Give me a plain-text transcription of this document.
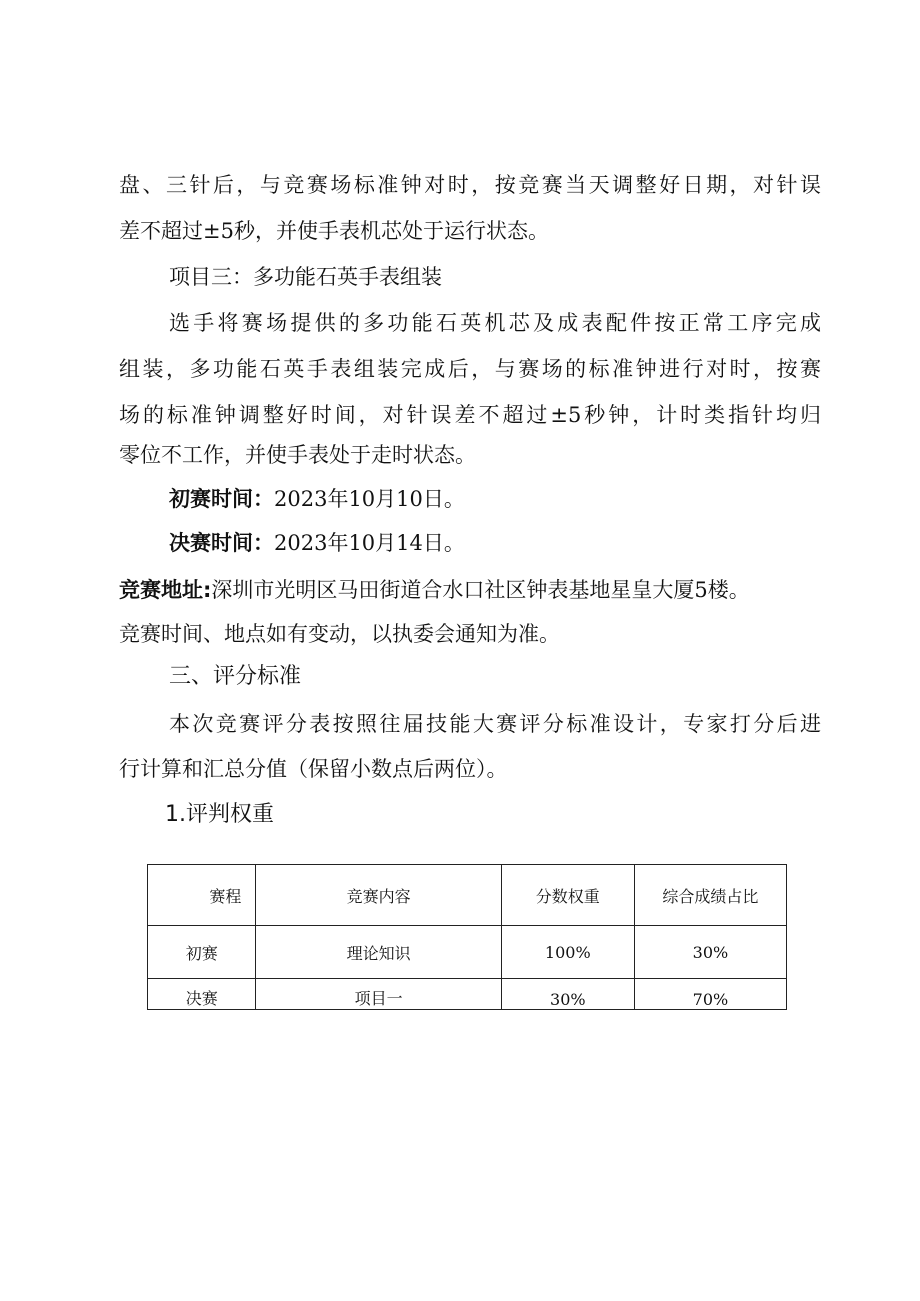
盘、三针后，与竞赛场标准钟对时，按竞赛当天调整好日期，对针误
差不超过±5秒，并使手表机芯处于运行状态。
项目三：多功能石英手表组装
选手将赛场提供的多功能石英机芯及成表配件按正常工序完成
组装，多功能石英手表组装完成后，与赛场的标准钟进行对时，按赛
场的标准钟调整好时间，对针误差不超过±5秒钟，计时类指针均归
零位不工作，并使手表处于走时状态。
初赛时间：2023年10月10日。
决赛时间：2023年10月14日。
竞赛地址:深圳市光明区马田街道合水口社区钟表基地星皇大厦5楼。
竞赛时间、地点如有变动，以执委会通知为准。
三、评分标准
本次竞赛评分表按照往届技能大赛评分标准设计，专家打分后进
行计算和汇总分值（保留小数点后两位）。
1.评判权重
赛程	竞赛内容	分数权重	综合成绩占比
初赛	理论知识	100%	30%
决赛	项目一	30%	70%
